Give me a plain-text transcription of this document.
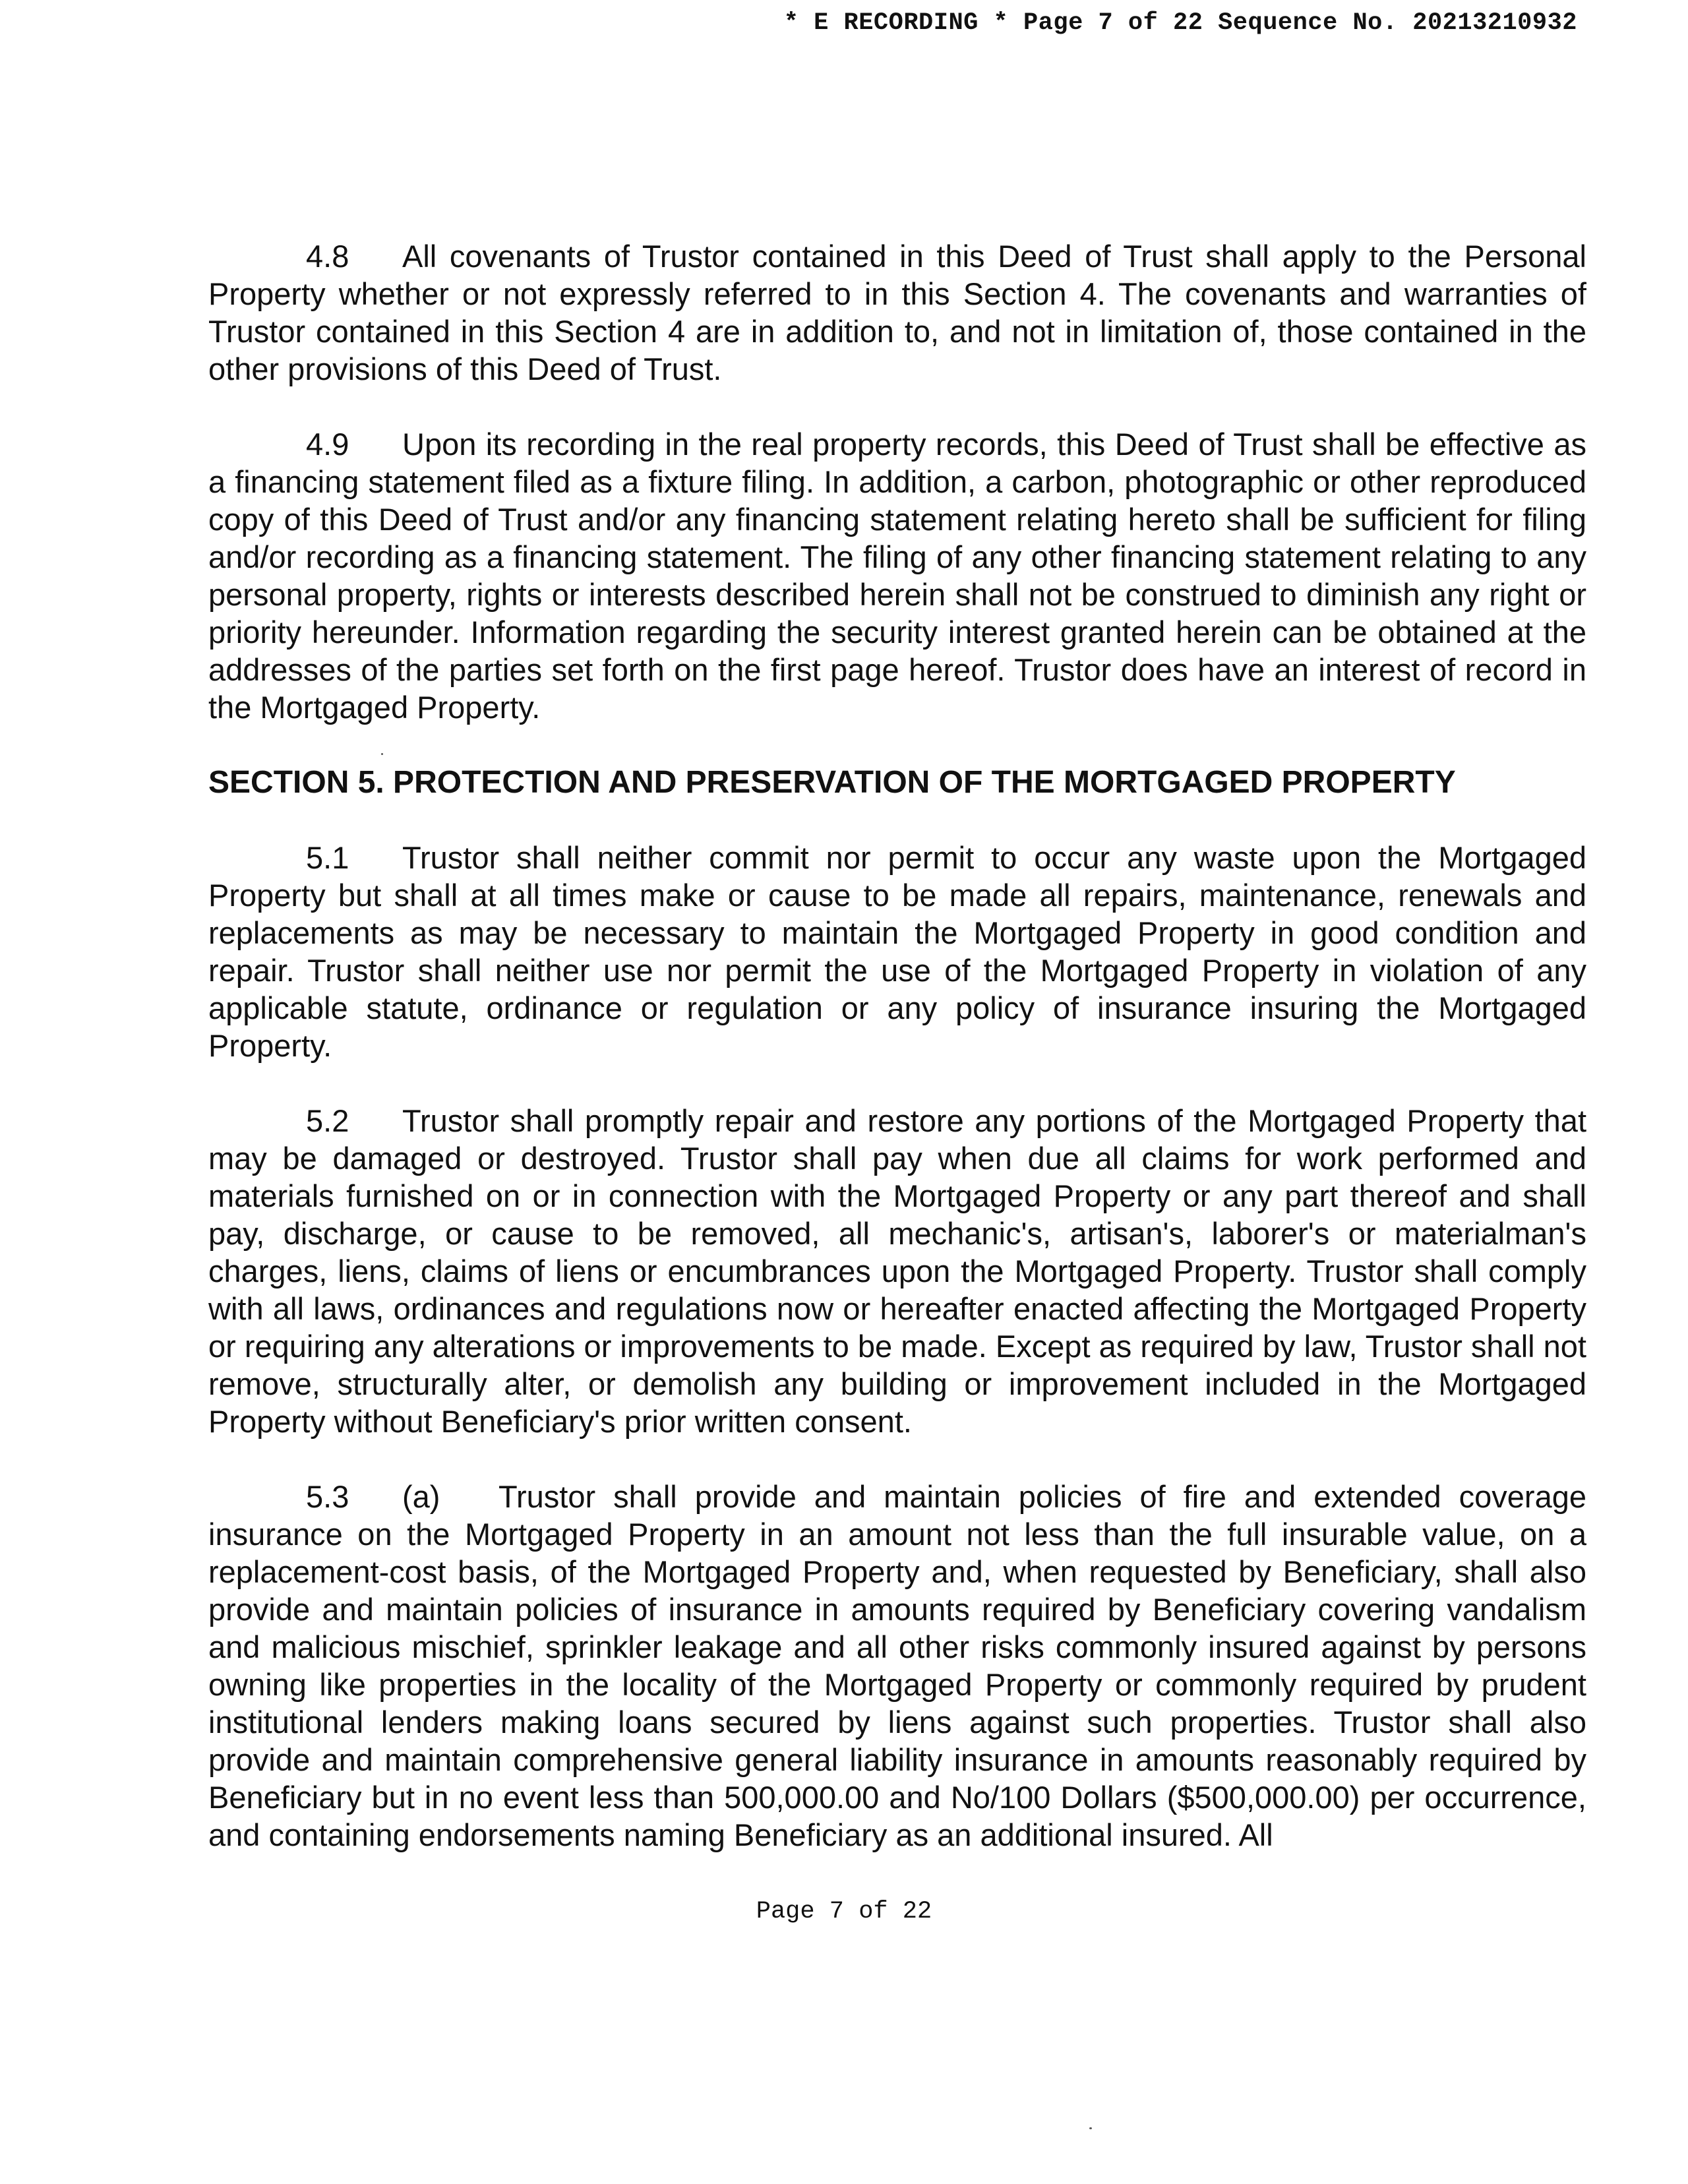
* E RECORDING * Page 7 of 22 Sequence No. 20213210932

4.8 All covenants of Trustor contained in this Deed of Trust shall apply to the Personal Property whether or not expressly referred to in this Section 4. The covenants and warranties of Trustor contained in this Section 4 are in addition to, and not in limitation of, those contained in the other provisions of this Deed of Trust.

4.9 Upon its recording in the real property records, this Deed of Trust shall be effective as a financing statement filed as a fixture filing. In addition, a carbon, photographic or other reproduced copy of this Deed of Trust and/or any financing statement relating hereto shall be sufficient for filing and/or recording as a financing statement. The filing of any other financing statement relating to any personal property, rights or interests described herein shall not be construed to diminish any right or priority hereunder. Information regarding the security interest granted herein can be obtained at the addresses of the parties set forth on the first page hereof. Trustor does have an interest of record in the Mortgaged Property.

SECTION 5. PROTECTION AND PRESERVATION OF THE MORTGAGED PROPERTY

5.1 Trustor shall neither commit nor permit to occur any waste upon the Mortgaged Property but shall at all times make or cause to be made all repairs, maintenance, renewals and replacements as may be necessary to maintain the Mortgaged Property in good condition and repair. Trustor shall neither use nor permit the use of the Mortgaged Property in violation of any applicable statute, ordinance or regulation or any policy of insurance insuring the Mortgaged Property.

5.2 Trustor shall promptly repair and restore any portions of the Mortgaged Property that may be damaged or destroyed. Trustor shall pay when due all claims for work performed and materials furnished on or in connection with the Mortgaged Property or any part thereof and shall pay, discharge, or cause to be removed, all mechanic's, artisan's, laborer's or materialman's charges, liens, claims of liens or encumbrances upon the Mortgaged Property. Trustor shall comply with all laws, ordinances and regulations now or hereafter enacted affecting the Mortgaged Property or requiring any alterations or improvements to be made. Except as required by law, Trustor shall not remove, structurally alter, or demolish any building or improvement included in the Mortgaged Property without Beneficiary's prior written consent.

5.3 (a) Trustor shall provide and maintain policies of fire and extended coverage insurance on the Mortgaged Property in an amount not less than the full insurable value, on a replacement-cost basis, of the Mortgaged Property and, when requested by Beneficiary, shall also provide and maintain policies of insurance in amounts required by Beneficiary covering vandalism and malicious mischief, sprinkler leakage and all other risks commonly insured against by persons owning like properties in the locality of the Mortgaged Property or commonly required by prudent institutional lenders making loans secured by liens against such properties. Trustor shall also provide and maintain comprehensive general liability insurance in amounts reasonably required by Beneficiary but in no event less than 500,000.00 and No/100 Dollars ($500,000.00) per occurrence, and containing endorsements naming Beneficiary as an additional insured. All

Page 7 of 22
